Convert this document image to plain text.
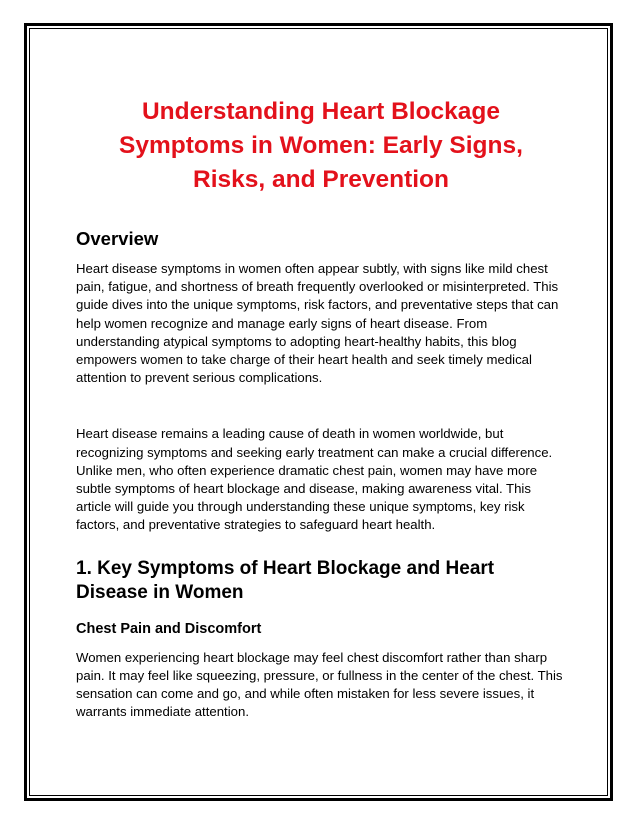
Understanding Heart Blockage Symptoms in Women: Early Signs, Risks, and Prevention
Overview

Heart disease symptoms in women often appear subtly, with signs like mild chest pain, fatigue, and shortness of breath frequently overlooked or misinterpreted. This guide dives into the unique symptoms, risk factors, and preventative steps that can help women recognize and manage early signs of heart disease. From understanding atypical symptoms to adopting heart-healthy habits, this blog empowers women to take charge of their heart health and seek timely medical attention to prevent serious complications.

Heart disease remains a leading cause of death in women worldwide, but recognizing symptoms and seeking early treatment can make a crucial difference. Unlike men, who often experience dramatic chest pain, women may have more subtle symptoms of heart blockage and disease, making awareness vital. This article will guide you through understanding these unique symptoms, key risk factors, and preventative strategies to safeguard heart health.

1. Key Symptoms of Heart Blockage and Heart Disease in Women
Chest Pain and Discomfort

Women experiencing heart blockage may feel chest discomfort rather than sharp pain. It may feel like squeezing, pressure, or fullness in the center of the chest. This sensation can come and go, and while often mistaken for less severe issues, it warrants immediate attention.
